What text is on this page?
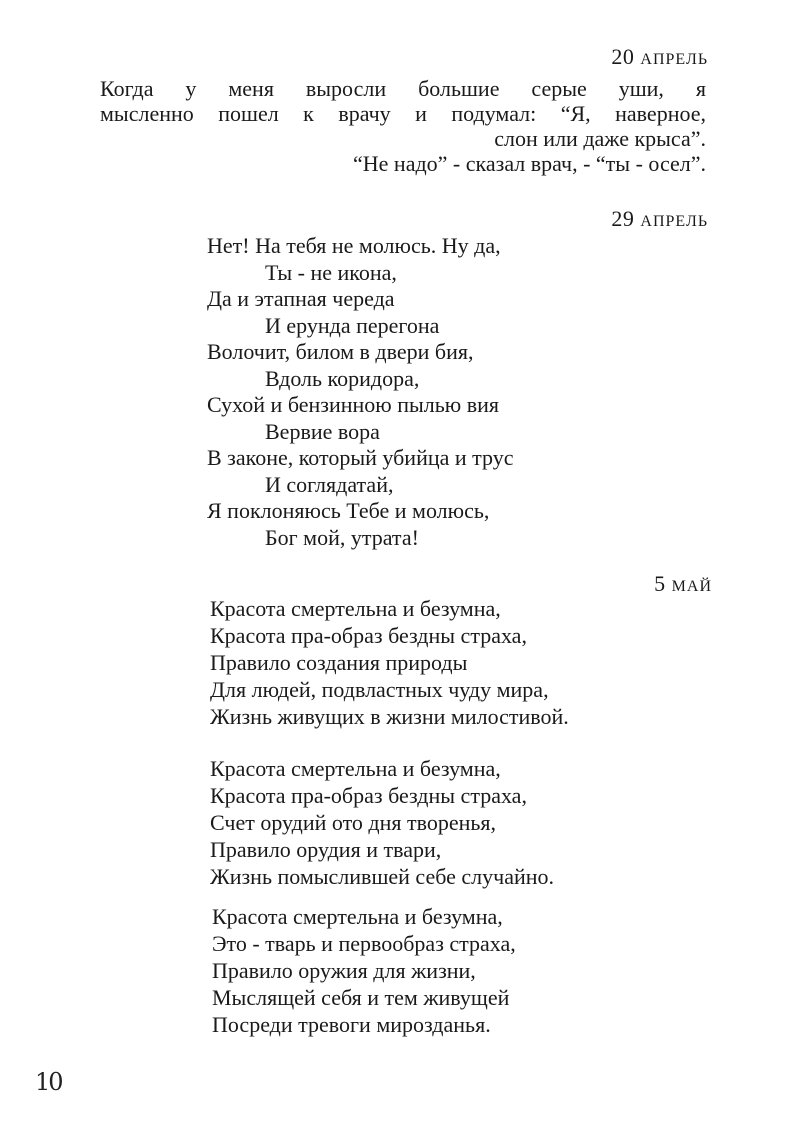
20 АПРЕЛЬ
Когда у меня выросли большие серые уши, я
мысленно пошел к врачу и подумал: “Я, наверное,
слон или даже крыса”.
“Не надо” - сказал врач, - “ты - осел”.
29 АПРЕЛЬ
Нет! На тебя не молюсь. Ну да,
Ты - не икона,
Да и этапная череда
И ерунда перегона
Волочит, билом в двери бия,
Вдоль коридора,
Сухой и бензинною пылью вия
Вервие вора
В законе, который убийца и трус
И соглядатай,
Я поклоняюсь Тебе и молюсь,
Бог мой, утрата!
5 МАЙ
Красота смертельна и безумна,
Красота пра-образ бездны страха,
Правило создания природы
Для людей, подвластных чуду мира,
Жизнь живущих в жизни милостивой.
Красота смертельна и безумна,
Красота пра-образ бездны страха,
Счет орудий ото дня творенья,
Правило орудия и твари,
Жизнь помыслившей себе случайно.
Красота смертельна и безумна,
Это - тварь и первообраз страха,
Правило оружия для жизни,
Мыслящей себя и тем живущей
Посреди тревоги мирозданья.
10
